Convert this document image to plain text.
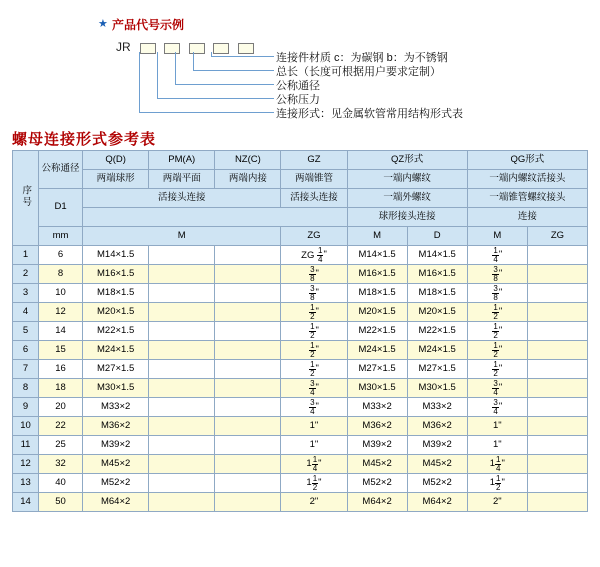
★ 产品代号示例
JR

连接件材质 c：为碳钢 b：为不锈钢
总长（长度可根据用户要求定制）
公称通径
公称压力
连接形式：见金属软管常用结构形式表
螺母连接形式参考表
序号	公称通径	Q(D)	PM(A)	NZ(C)	GZ	QZ形式		QG形式	
		两端球形	两端平面	两端内接	两端锥管	一端内螺纹		一端内螺纹活接头	
	D1	活接头连接			活接头连接	一端外螺纹		一端锥管螺纹接头	
						球形接头连接		连接	
	mm	M			ZG	M	D	M	ZG
1	6	M14×1.5			ZG $\frac{1}{4}$ "	M14×1.5	M14×1.5	$\frac{1}{4}$ "	
2	8	M16×1.5			$\frac{3}{8}$ "	M16×1.5	M16×1.5	$\frac{3}{8}$ "	
3	10	M18×1.5			$\frac{3}{8}$ "	M18×1.5	M18×1.5	$\frac{3}{8}$ "	
4	12	M20×1.5			$\frac{1}{2}$ "	M20×1.5	M20×1.5	$\frac{1}{2}$ "	
5	14	M22×1.5			$\frac{1}{2}$ "	M22×1.5	M22×1.5	$\frac{1}{2}$ "	
6	15	M24×1.5			$\frac{1}{2}$ "	M24×1.5	M24×1.5	$\frac{1}{2}$ "	
7	16	M27×1.5			$\frac{1}{2}$ "	M27×1.5	M27×1.5	$\frac{1}{2}$ "	
8	18	M30×1.5			$\frac{3}{4}$ "	M30×1.5	M30×1.5	$\frac{3}{4}$ "	
9	20	M33×2			$\frac{3}{4}$ "	M33×2	M33×2	$\frac{3}{4}$ "	
10	22	M36×2			1"	M36×2	M36×2	1"	
11	25	M39×2			1"	M39×2	M39×2	1"	
12	32	M45×2			$1 \frac{1}{4}$ "	M45×2	M45×2	$1 \frac{1}{4}$ "	
13	40	M52×2			$1 \frac{1}{2}$ "	M52×2	M52×2	$1 \frac{1}{2}$ "	
14	50	M64×2			2"	M64×2	M64×2	2"	
